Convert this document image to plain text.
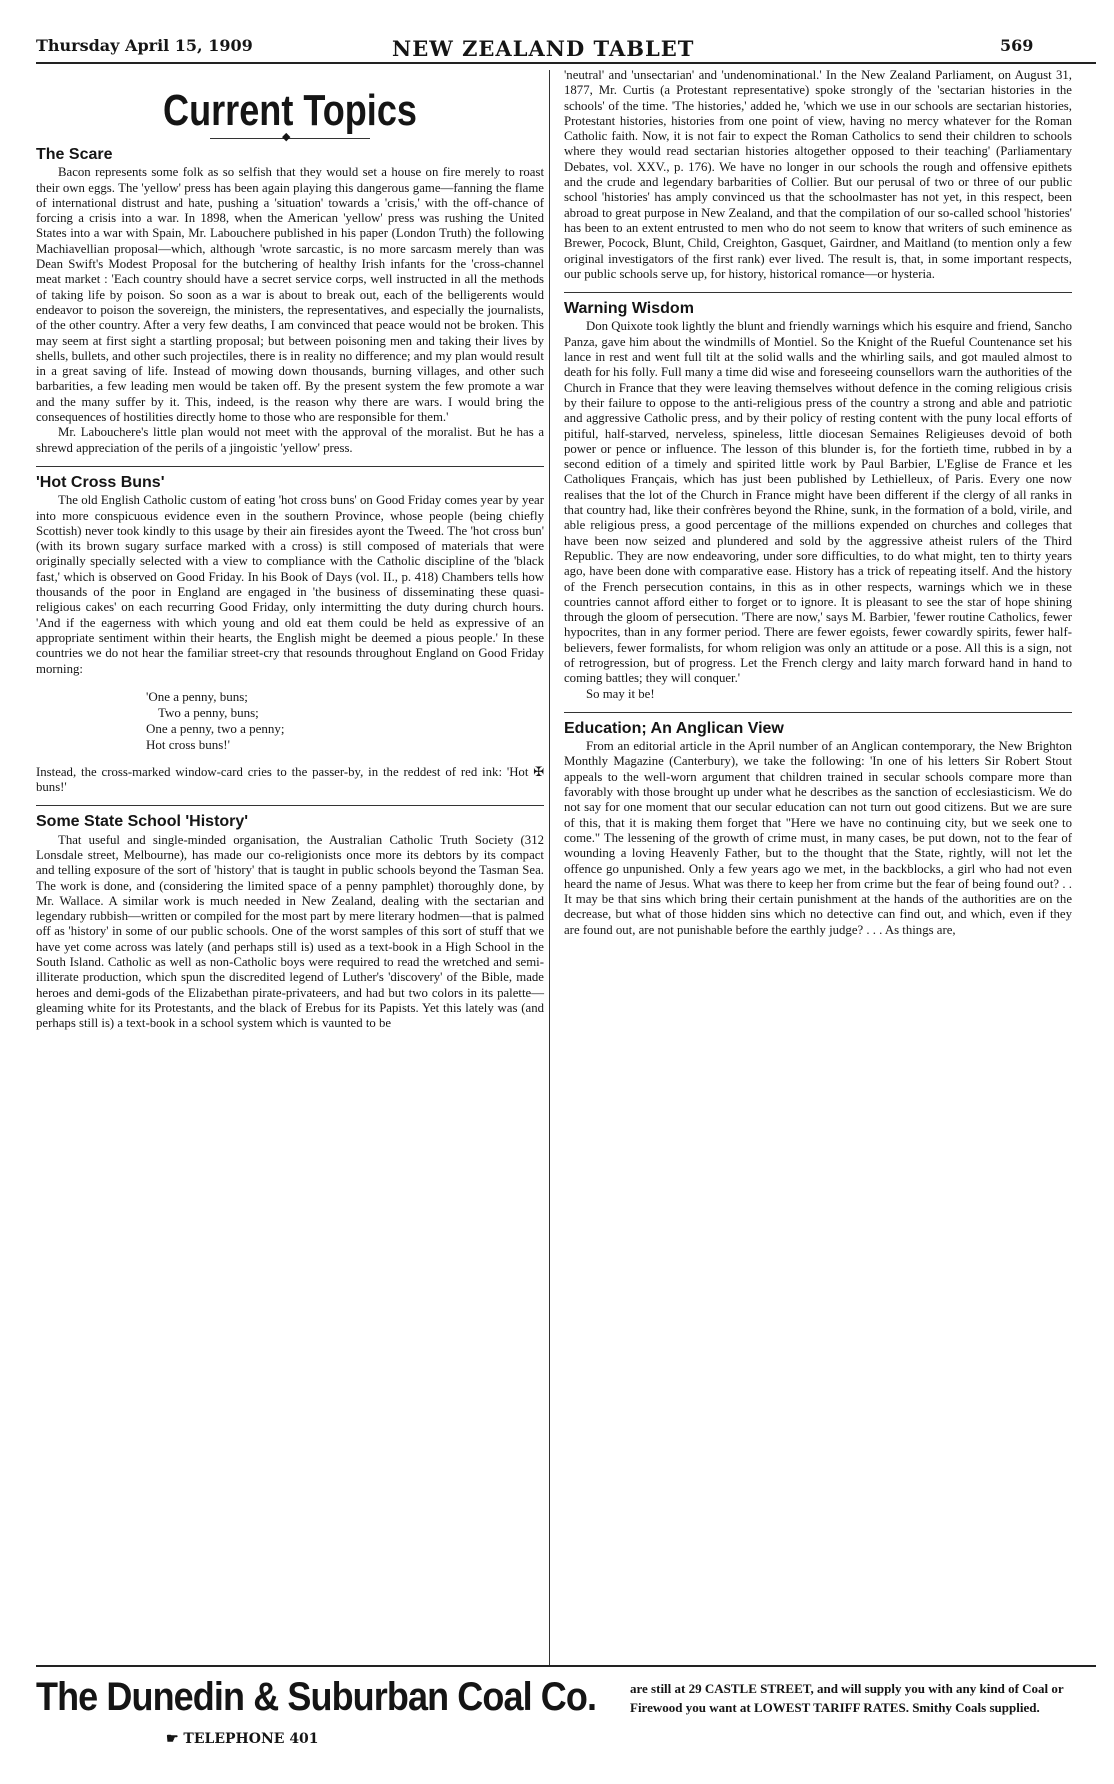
Thursday April 15, 1909	NEW ZEALAND TABLET	569
Current Topics
◆
The Scare

Bacon represents some folk as so selfish that they would set a house on fire merely to roast their own eggs. The 'yellow' press has been again playing this dangerous game—fanning the flame of international distrust and hate, pushing a 'situation' towards a 'crisis,' with the off-chance of forcing a crisis into a war. In 1898, when the American 'yellow' press was rushing the United States into a war with Spain, Mr. Labouchere published in his paper (London Truth) the following Machiavellian proposal—which, although 'wrote sarcastic, is no more sarcasm merely than was Dean Swift's Modest Proposal for the butchering of healthy Irish infants for the 'cross-channel meat market : 'Each country should have a secret service corps, well instructed in all the methods of taking life by poison. So soon as a war is about to break out, each of the belligerents would endeavor to poison the sovereign, the ministers, the representatives, and especially the journalists, of the other country. After a very few deaths, I am convinced that peace would not be broken. This may seem at first sight a startling proposal; but between poisoning men and taking their lives by shells, bullets, and other such projectiles, there is in reality no difference; and my plan would result in a great saving of life. Instead of mowing down thousands, burning villages, and other such barbarities, a few leading men would be taken off. By the present system the few promote a war and the many suffer by it. This, indeed, is the reason why there are wars. I would bring the consequences of hostilities directly home to those who are responsible for them.'

Mr. Labouchere's little plan would not meet with the approval of the moralist. But he has a shrewd appreciation of the perils of a jingoistic 'yellow' press.

'Hot Cross Buns'

The old English Catholic custom of eating 'hot cross buns' on Good Friday comes year by year into more conspicuous evidence even in the southern Province, whose people (being chiefly Scottish) never took kindly to this usage by their ain firesides ayont the Tweed. The 'hot cross bun' (with its brown sugary surface marked with a cross) is still composed of materials that were originally specially selected with a view to compliance with the Catholic discipline of the 'black fast,' which is observed on Good Friday. In his Book of Days (vol. II., p. 418) Chambers tells how thousands of the poor in England are engaged in 'the business of disseminating these quasi-religious cakes' on each recurring Good Friday, only intermitting the duty during church hours. 'And if the eagerness with which young and old eat them could be held as expressive of an appropriate sentiment within their hearts, the English might be deemed a pious people.' In these countries we do not hear the familiar street-cry that resounds throughout England on Good Friday morning:

'One a penny, buns;
Two a penny, buns;
One a penny, two a penny;
Hot cross buns!'

Instead, the cross-marked window-card cries to the passer-by, in the reddest of red ink: 'Hot ✠ buns!'

Some State School 'History'

That useful and single-minded organisation, the Australian Catholic Truth Society (312 Lonsdale street, Melbourne), has made our co-religionists once more its debtors by its compact and telling exposure of the sort of 'history' that is taught in public schools beyond the Tasman Sea. The work is done, and (considering the limited space of a penny pamphlet) thoroughly done, by Mr. Wallace. A similar work is much needed in New Zealand, dealing with the sectarian and legendary rubbish—written or compiled for the most part by mere literary hodmen—that is palmed off as 'history' in some of our public schools. One of the worst samples of this sort of stuff that we have yet come across was lately (and perhaps still is) used as a text-book in a High School in the South Island. Catholic as well as non-Catholic boys were required to read the wretched and semi-illiterate production, which spun the discredited legend of Luther's 'discovery' of the Bible, made heroes and demi-gods of the Elizabethan pirate-privateers, and had but two colors in its palette—gleaming white for its Protestants, and the black of Erebus for its Papists. Yet this lately was (and perhaps still is) a text-book in a school system which is vaunted to be

'neutral' and 'unsectarian' and 'undenominational.' In the New Zealand Parliament, on August 31, 1877, Mr. Curtis (a Protestant representative) spoke strongly of the 'sectarian histories in the schools' of the time. 'The histories,' added he, 'which we use in our schools are sectarian histories, Protestant histories, histories from one point of view, having no mercy whatever for the Roman Catholic faith. Now, it is not fair to expect the Roman Catholics to send their children to schools where they would read sectarian histories altogether opposed to their teaching' (Parliamentary Debates, vol. XXV., p. 176). We have no longer in our schools the rough and offensive epithets and the crude and legendary barbarities of Collier. But our perusal of two or three of our public school 'histories' has amply convinced us that the schoolmaster has not yet, in this respect, been abroad to great purpose in New Zealand, and that the compilation of our so-called school 'histories' has been to an extent entrusted to men who do not seem to know that writers of such eminence as Brewer, Pocock, Blunt, Child, Creighton, Gasquet, Gairdner, and Maitland (to mention only a few original investigators of the first rank) ever lived. The result is, that, in some important respects, our public schools serve up, for history, historical romance—or hysteria.

Warning Wisdom

Don Quixote took lightly the blunt and friendly warnings which his esquire and friend, Sancho Panza, gave him about the windmills of Montiel. So the Knight of the Rueful Countenance set his lance in rest and went full tilt at the solid walls and the whirling sails, and got mauled almost to death for his folly. Full many a time did wise and foreseeing counsellors warn the authorities of the Church in France that they were leaving themselves without defence in the coming religious crisis by their failure to oppose to the anti-religious press of the country a strong and able and patriotic and aggressive Catholic press, and by their policy of resting content with the puny local efforts of pitiful, half-starved, nerveless, spineless, little diocesan Semaines Religieuses devoid of both power or pence or influence. The lesson of this blunder is, for the fortieth time, rubbed in by a second edition of a timely and spirited little work by Paul Barbier, L'Eglise de France et les Catholiques Français, which has just been published by Lethielleux, of Paris. Every one now realises that the lot of the Church in France might have been different if the clergy of all ranks in that country had, like their confrères beyond the Rhine, sunk, in the formation of a bold, virile, and able religious press, a good percentage of the millions expended on churches and colleges that have been now seized and plundered and sold by the aggressive atheist rulers of the Third Republic. They are now endeavoring, under sore difficulties, to do what might, ten to thirty years ago, have been done with comparative ease. History has a trick of repeating itself. And the history of the French persecution contains, in this as in other respects, warnings which we in these countries cannot afford either to forget or to ignore. It is pleasant to see the star of hope shining through the gloom of persecution. 'There are now,' says M. Barbier, 'fewer routine Catholics, fewer hypocrites, than in any former period. There are fewer egoists, fewer cowardly spirits, fewer half-believers, fewer formalists, for whom religion was only an attitude or a pose. All this is a sign, not of retrogression, but of progress. Let the French clergy and laity march forward hand in hand to coming battles; they will conquer.'

So may it be!

Education; An Anglican View

From an editorial article in the April number of an Anglican contemporary, the New Brighton Monthly Magazine (Canterbury), we take the following: 'In one of his letters Sir Robert Stout appeals to the well-worn argument that children trained in secular schools compare more than favorably with those brought up under what he describes as the sanction of ecclesiasticism. We do not say for one moment that our secular education can not turn out good citizens. But we are sure of this, that it is making them forget that "Here we have no continuing city, but we seek one to come." The lessening of the growth of crime must, in many cases, be put down, not to the fear of wounding a loving Heavenly Father, but to the thought that the State, rightly, will not let the offence go unpunished. Only a few years ago we met, in the backblocks, a girl who had not even heard the name of Jesus. What was there to keep her from crime but the fear of being found out? . . It may be that sins which bring their certain punishment at the hands of the authorities are on the decrease, but what of those hidden sins which no detective can find out, and which, even if they are found out, are not punishable before the earthly judge? . . . As things are,

The Dunedin & Suburban Coal Co.
☛ TELEPHONE 401
are still at 29 CASTLE STREET, and will supply you with any kind of Coal or Firewood you want at LOWEST TARIFF RATES. Smithy Coals supplied.
